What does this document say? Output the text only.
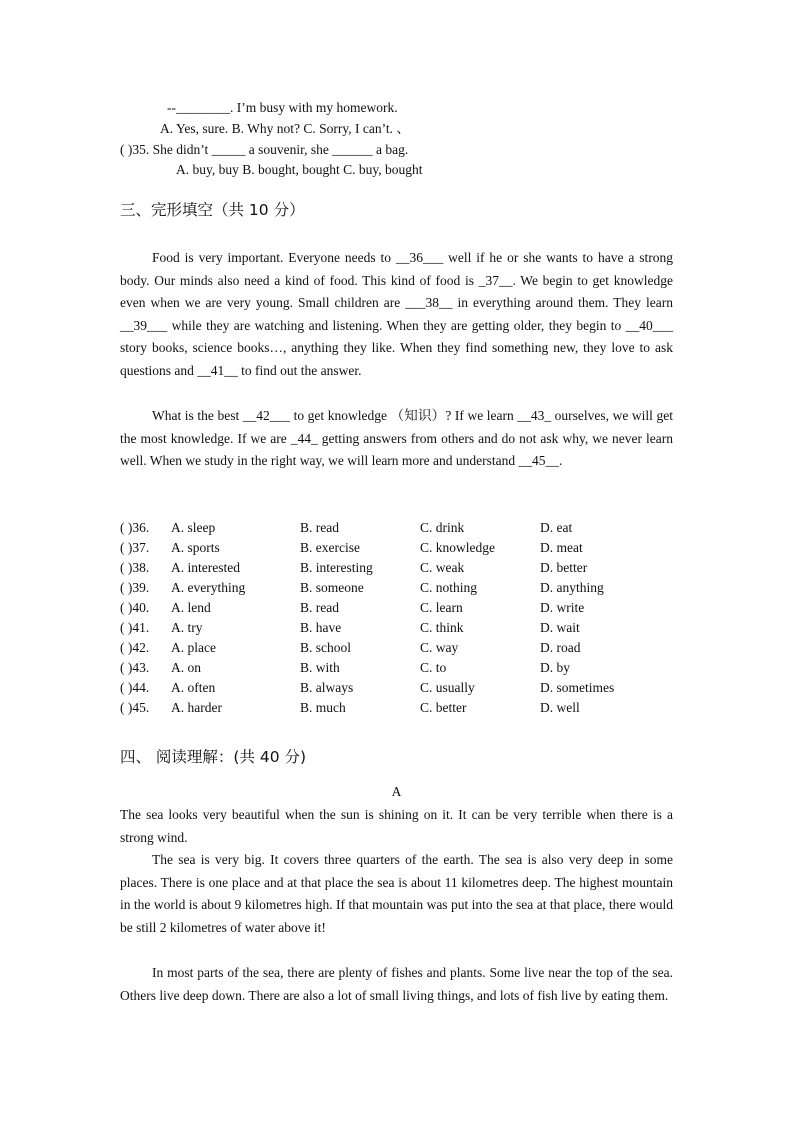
--________. I’m busy with my homework.
A. Yes, sure. B. Why not? C. Sorry, I can’t. 、
( )35. She didn’t _____ a souvenir, she ______ a bag.
A. buy, buy B. bought, bought C. buy, bought
三、完形填空（共 10 分）
Food is very important. Everyone needs to __36___ well if he or she wants to have a strong body. Our minds also need a kind of food. This kind of food is _37__. We begin to get knowledge even when we are very young. Small children are ___38__ in everything around them. They learn __39___ while they are watching and listening. When they are getting older, they begin to __40___ story books, science books…, anything they like. When they find something new, they love to ask questions and __41__ to find out the answer.
What is the best __42___ to get knowledge （知识）? If we learn __43_ ourselves, we will get the most knowledge. If we are _44_ getting answers from others and do not ask why, we never learn well. When we study in the right way, we will learn more and understand __45__.
( )36. A. sleep	B. read	C. drink	D. eat
( )37. A. sports	B. exercise	C. knowledge	D. meat
( )38. A. interested	B. interesting	C. weak	D. better
( )39. A. everything	B. someone	C. nothing	D. anything
( )40. A. lend	B. read	C. learn	D. write
( )41. A. try	B. have	C. think	D. wait
( )42. A. place	B. school	C. way	D. road
( )43. A. on	B. with	C. to	D. by
( )44. A. often	B. always	C. usually	D. sometimes
( )45. A. harder	B. much	C. better	D. well
四、 阅读理解：(共 40 分)
A
The sea looks very beautiful when the sun is shining on it. It can be very terrible when there is a strong wind.
The sea is very big. It covers three quarters of the earth. The sea is also very deep in some places. There is one place and at that place the sea is about 11 kilometres deep. The highest mountain in the world is about 9 kilometres high. If that mountain was put into the sea at that place, there would be still 2 kilometres of water above it!
In most parts of the sea, there are plenty of fishes and plants. Some live near the top of the sea. Others live deep down. There are also a lot of small living things, and lots of fish live by eating them.
